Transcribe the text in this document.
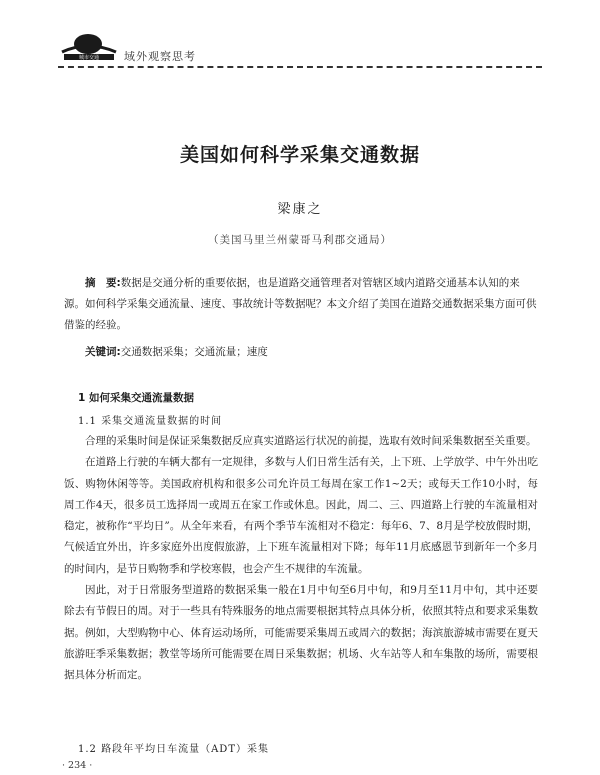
城市交通 域外观察思考
美国如何科学采集交通数据
梁康之
（美国马里兰州蒙哥马利郡交通局）
摘　要:数据是交通分析的重要依据，也是道路交通管理者对管辖区域内道路交通基本认知的来源。如何科学采集交通流量、速度、事故统计等数据呢？本文介绍了美国在道路交通数据采集方面可供借鉴的经验。
关键词:交通数据采集；交通流量；速度
1 如何采集交通流量数据
1.1 采集交通流量数据的时间

合理的采集时间是保证采集数据反应真实道路运行状况的前提，选取有效时间采集数据至关重要。

在道路上行驶的车辆大都有一定规律，多数与人们日常生活有关，上下班、上学放学、中午外出吃饭、购物休闲等等。美国政府机构和很多公司允许员工每周在家工作1~2天；或每天工作10小时，每周工作4天，很多员工选择周一或周五在家工作或休息。因此，周二、三、四道路上行驶的车流量相对稳定，被称作“平均日”。从全年来看，有两个季节车流相对不稳定：每年6、7、8月是学校放假时期，气候适宜外出，许多家庭外出度假旅游，上下班车流量相对下降；每年11月底感恩节到新年一个多月的时间内，是节日购物季和学校寒假，也会产生不规律的车流量。

因此，对于日常服务型道路的数据采集一般在1月中旬至6月中旬，和9月至11月中旬，其中还要除去有节假日的周。对于一些具有特殊服务的地点需要根据其特点具体分析，依照其特点和要求采集数据。例如，大型购物中心、体育运动场所，可能需要采集周五或周六的数据；海滨旅游城市需要在夏天旅游旺季采集数据；教堂等场所可能需要在周日采集数据；机场、火车站等人和车集散的场所，需要根据具体分析而定。

1.2 路段年平均日车流量（ADT）采集
· 234 ·
